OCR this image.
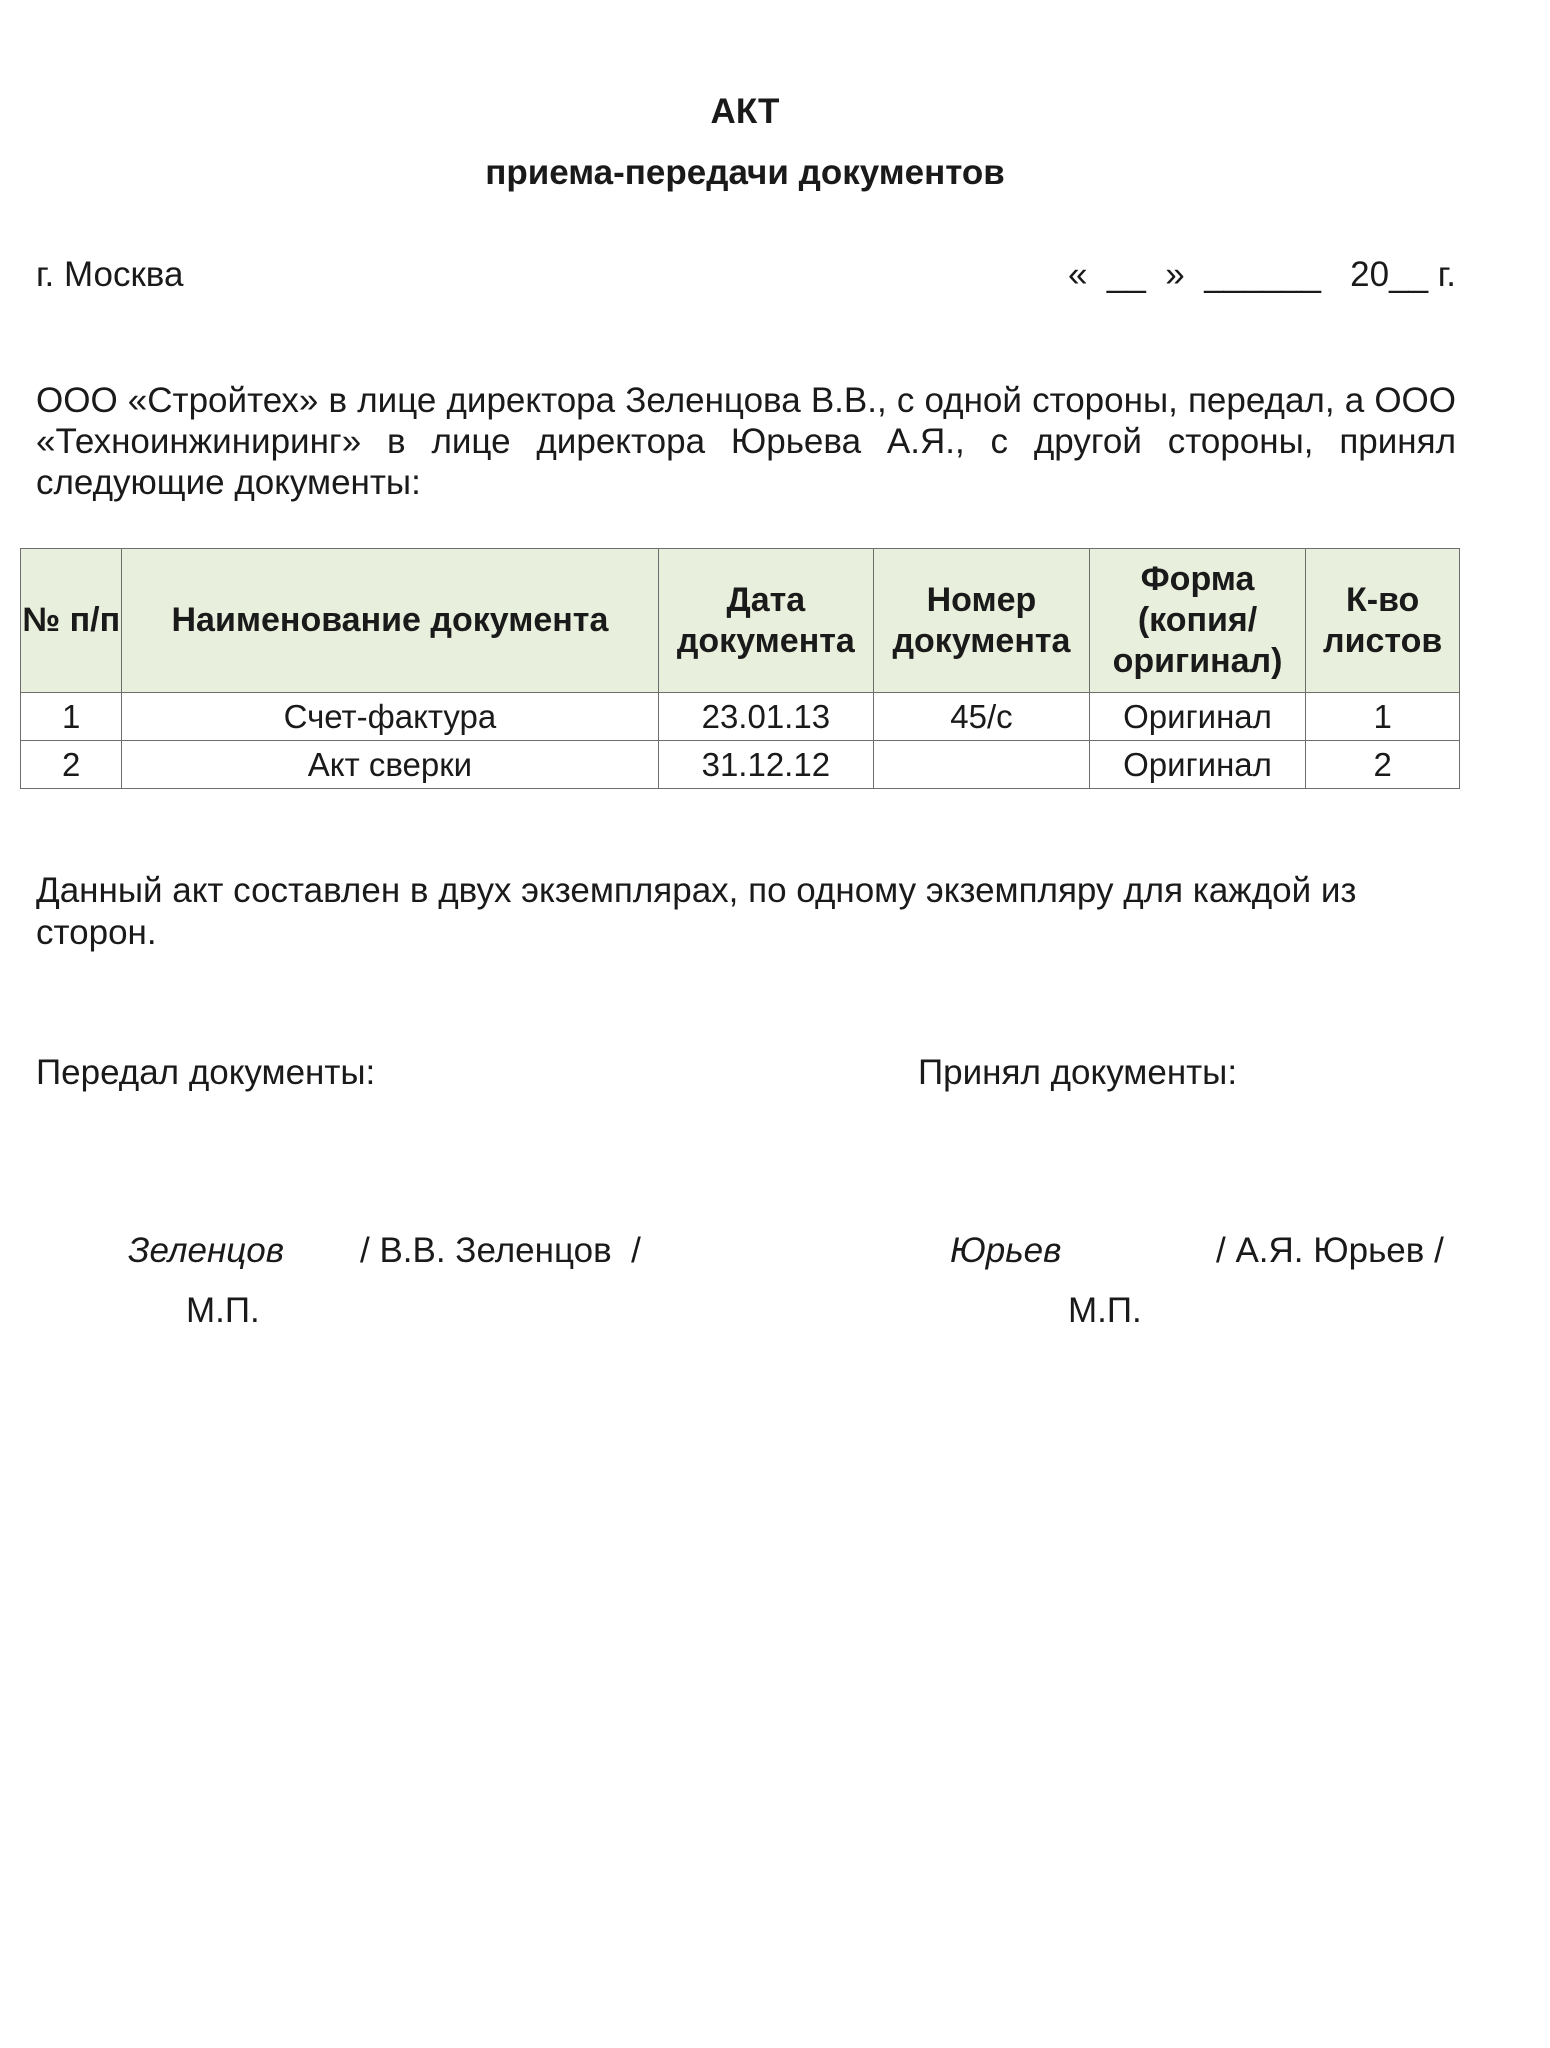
АКТ
приема-передачи документов
г. Москва	«  __  »  ______   20__ г.
ООО «Стройтех» в лице директора Зеленцова В.В., с одной стороны, передал, а ООО «Техноинжиниринг» в лице директора Юрьева А.Я., с другой стороны, принял следующие документы:
№ п/п	Наименование документа	Дата документа	Номер документа	Форма (копия/ оригинал)	К-во листов
1	Счет-фактура	23.01.13	45/с	Оригинал	1
2	Акт сверки	31.12.12		Оригинал	2
Данный акт составлен в двух экземплярах, по одному экземпляру для каждой из сторон.
Передал документы:	Принял документы:
Зеленцов / В.В. Зеленцов  /	Юрьев	/ А.Я. Юрьев /
М.П.	М.П.
